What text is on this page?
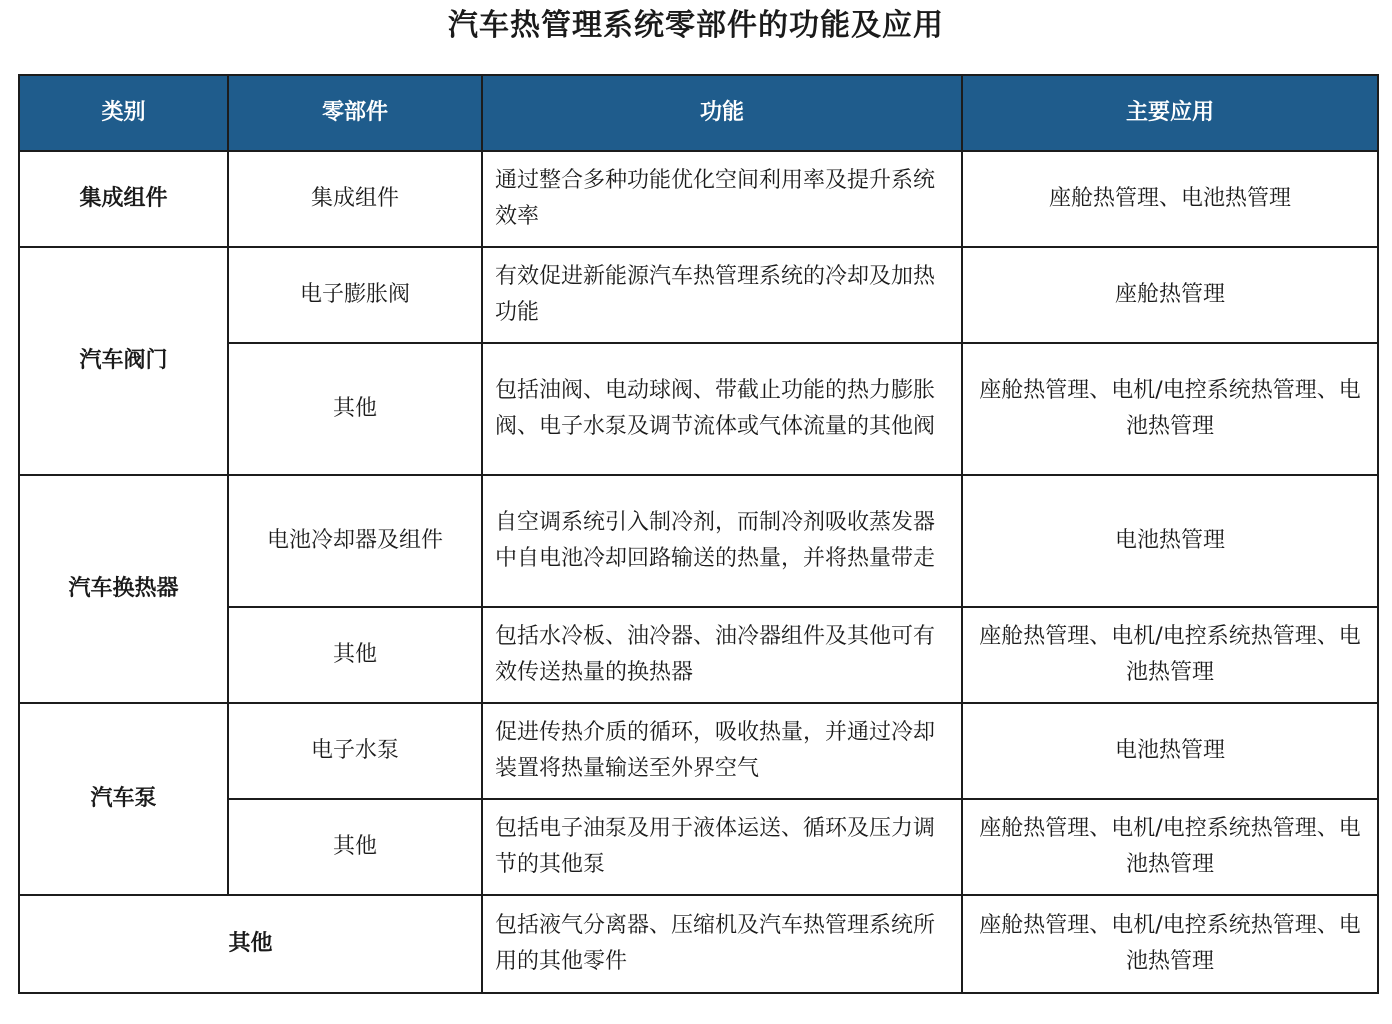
汽车热管理系统零部件的功能及应用
类别	零部件	功能	主要应用
集成组件	集成组件	通过整合多种功能优化空间利用率及提升系统效率	座舱热管理、电池热管理
汽车阀门	电子膨胀阀	有效促进新能源汽车热管理系统的冷却及加热功能	座舱热管理
	其他	包括油阀、电动球阀、带截止功能的热力膨胀阀、电子水泵及调节流体或气体流量的其他阀	座舱热管理、电机/电控系统热管理、电池热管理
汽车换热器	电池冷却器及组件	自空调系统引入制冷剂，而制冷剂吸收蒸发器中自电池冷却回路输送的热量，并将热量带走	电池热管理
	其他	包括水冷板、油冷器、油冷器组件及其他可有效传送热量的换热器	座舱热管理、电机/电控系统热管理、电池热管理
汽车泵	电子水泵	促进传热介质的循环，吸收热量，并通过冷却装置将热量输送至外界空气	电池热管理
	其他	包括电子油泵及用于液体运送、循环及压力调节的其他泵	座舱热管理、电机/电控系统热管理、电池热管理
其他		包括液气分离器、压缩机及汽车热管理系统所用的其他零件	座舱热管理、电机/电控系统热管理、电池热管理
